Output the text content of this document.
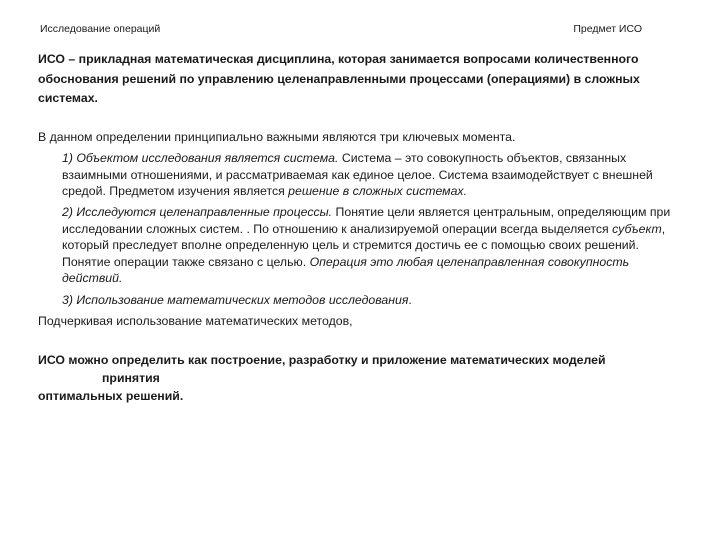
Исследование операций	Предмет ИСО
ИСО – прикладная математическая дисциплина, которая занимается вопросами количественного обоснования решений по управлению целенаправленными процессами (операциями) в сложных системах.
В данном определении принципиально важными являются три ключевых момента.
1) Объектом исследования является система. Система – это совокупность объектов, связанных взаимными отношениями, и рассматриваемая как единое целое. Система взаимодействует с внешней средой. Предметом изучения является решение в сложных системах.
2) Исследуются целенаправленные процессы. Понятие цели является центральным, определяющим при исследовании сложных систем. . По отношению к анализируемой операции всегда выделяется субъект, который преследует вполне определенную цель и стремится достичь ее с помощью своих решений. Понятие операции также связано с целью. Операция это любая целенаправленная совокупность действий.
3) Использование математических методов исследования.
Подчеркивая использование математических методов,
ИСО можно определить как построение, разработку и приложение математических моделей
принятия
оптимальных решений.
